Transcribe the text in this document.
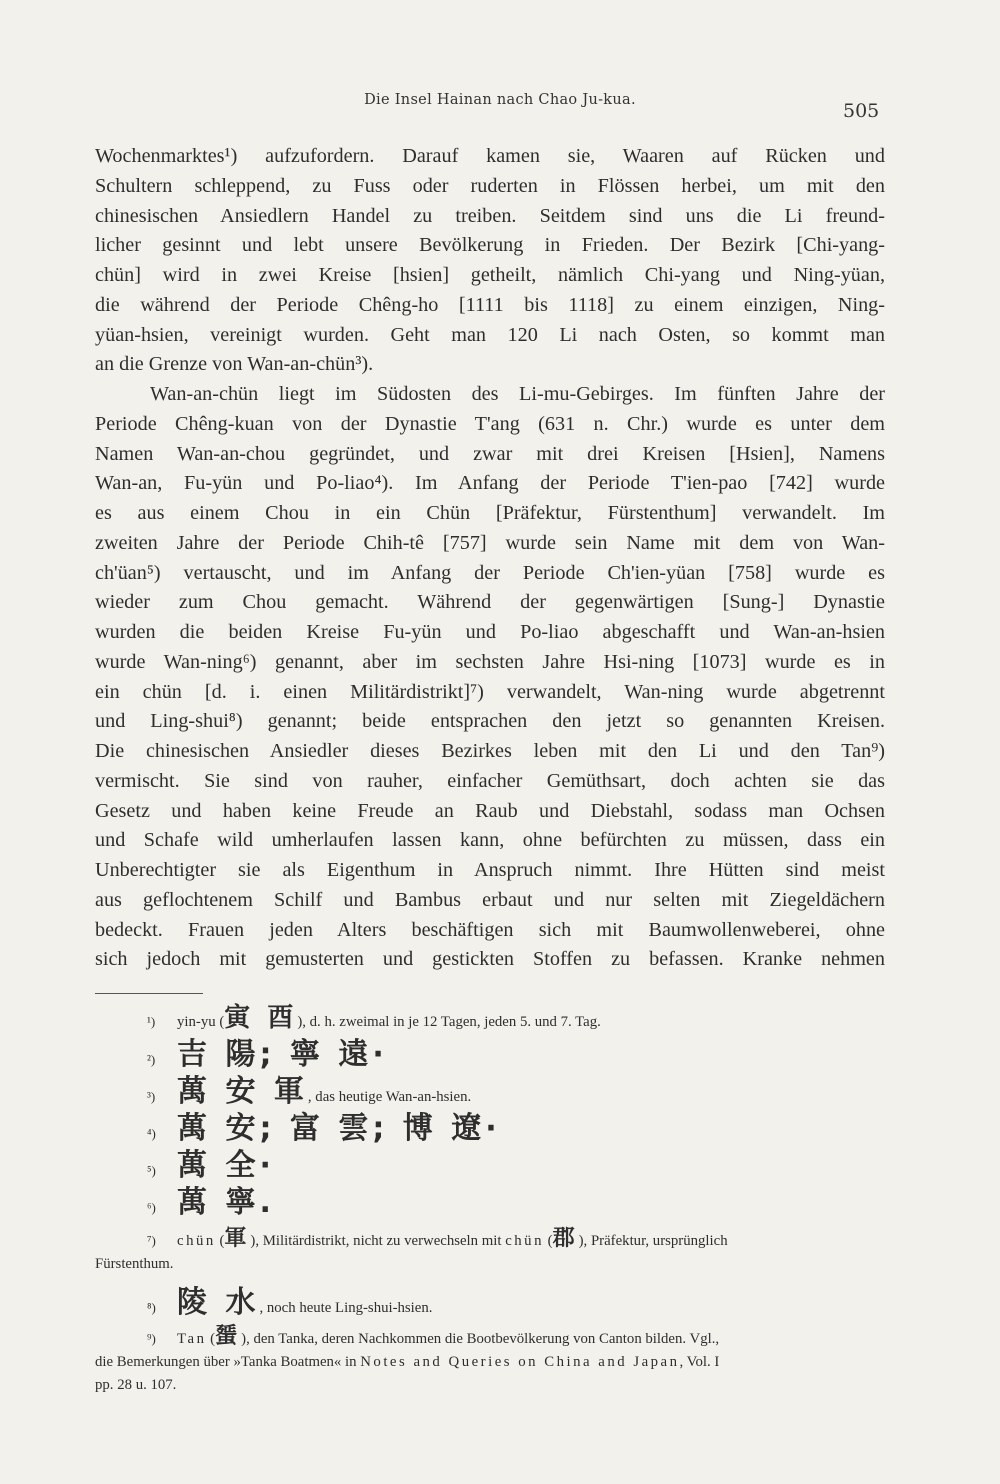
Die Insel Hainan nach Chao Ju-kua.	505
Wochenmarktes¹) aufzufordern. Darauf kamen sie, Waaren auf Rücken und
Schultern schleppend, zu Fuss oder ruderten in Flössen herbei, um mit den
chinesischen Ansiedlern Handel zu treiben. Seitdem sind uns die Li freund-
licher gesinnt und lebt unsere Bevölkerung in Frieden. Der Bezirk [Chi-yang-
chün] wird in zwei Kreise [hsien] getheilt, nämlich Chi-yang und Ning-yüan,
die während der Periode Chêng-ho [1111 bis 1118] zu einem einzigen, Ning-
yüan-hsien, vereinigt wurden. Geht man 120 Li nach Osten, so kommt man
an die Grenze von Wan-an-chün³).
Wan-an-chün liegt im Südosten des Li-mu-Gebirges. Im fünften Jahre der
Periode Chêng-kuan von der Dynastie T'ang (631 n. Chr.) wurde es unter dem
Namen Wan-an-chou gegründet, und zwar mit drei Kreisen [Hsien], Namens
Wan-an, Fu-yün und Po-liao⁴). Im Anfang der Periode T'ien-pao [742] wurde
es aus einem Chou in ein Chün [Präfektur, Fürstenthum] verwandelt. Im
zweiten Jahre der Periode Chih-tê [757] wurde sein Name mit dem von Wan-
ch'üan⁵) vertauscht, und im Anfang der Periode Ch'ien-yüan [758] wurde es
wieder zum Chou gemacht. Während der gegenwärtigen [Sung-] Dynastie
wurden die beiden Kreise Fu-yün und Po-liao abgeschafft und Wan-an-hsien
wurde Wan-ning⁶) genannt, aber im sechsten Jahre Hsi-ning [1073] wurde es in
ein chün [d. i. einen Militärdistrikt]⁷) verwandelt, Wan-ning wurde abgetrennt
und Ling-shui⁸) genannt; beide entsprachen den jetzt so genannten Kreisen.
Die chinesischen Ansiedler dieses Bezirkes leben mit den Li und den Tan⁹)
vermischt. Sie sind von rauher, einfacher Gemüthsart, doch achten sie das
Gesetz und haben keine Freude an Raub und Diebstahl, sodass man Ochsen
und Schafe wild umherlaufen lassen kann, ohne befürchten zu müssen, dass ein
Unberechtigter sie als Eigenthum in Anspruch nimmt. Ihre Hütten sind meist
aus geflochtenem Schilf und Bambus erbaut und nur selten mit Ziegeldächern
bedeckt. Frauen jeden Alters beschäftigen sich mit Baumwollenweberei, ohne
sich jedoch mit gemusterten und gestickten Stoffen zu befassen. Kranke nehmen
¹) yin-yu (寅 酉), d. h. zweimal in je 12 Tagen, jeden 5. und 7. Tag.
²) 吉 陽; 寧 遠·
³) 萬 安 軍, das heutige Wan-an-hsien.
⁴) 萬 安; 富 雲; 博 遼·
⁵) 萬 全·
⁶) 萬 寧.
⁷) chün (軍), Militärdistrikt, nicht zu verwechseln mit chün (郡), Präfektur, ursprünglich
Fürstenthum.
⁸) 陵 水, noch heute Ling-shui-hsien.
⁹) Tan (蜑), den Tanka, deren Nachkommen die Bootbevölkerung von Canton bilden. Vgl.,
die Bemerkungen über »Tanka Boatmen« in Notes and Queries on China and Japan, Vol. I
pp. 28 u. 107.
